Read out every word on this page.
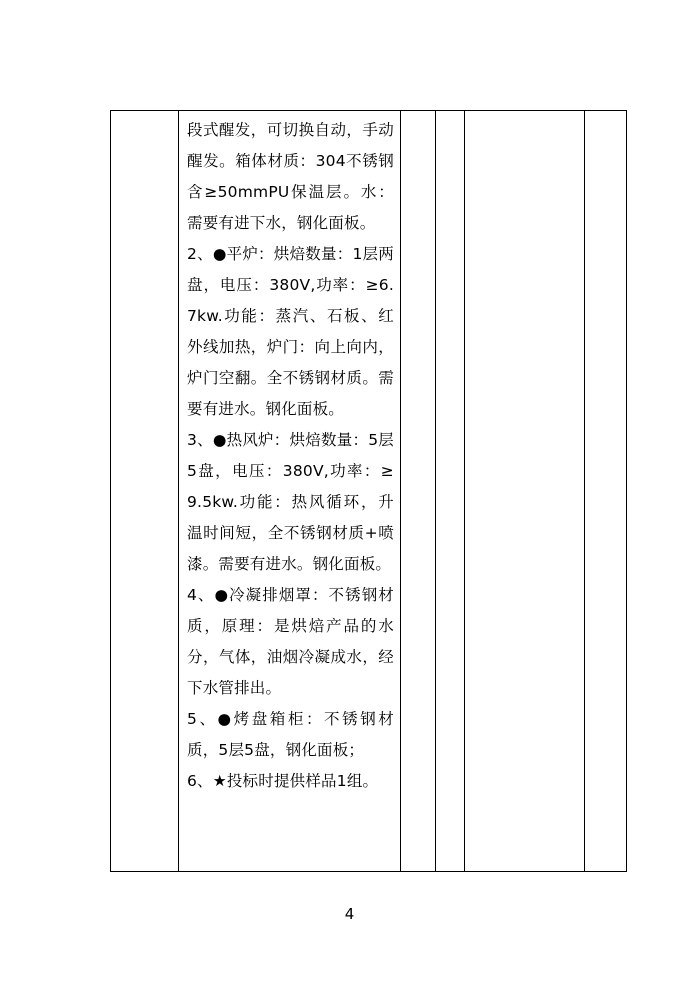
段式醒发，可切换自动，手动醒发。箱体材质：304不锈钢含≥50mmPU保温层。水：需要有进下水，钢化面板。

2、●平炉：烘焙数量：1层两盘，电压：380V,功率：≥6.7kw.功能：蒸汽、石板、红外线加热，炉门：向上向内，炉门空翻。全不锈钢材质。需要有进水。钢化面板。

3、●热风炉：烘焙数量：5层5盘，电压：380V,功率：≥9.5kw.功能：热风循环，升温时间短，全不锈钢材质+喷漆。需要有进水。钢化面板。

4、●冷凝排烟罩：不锈钢材质，原理：是烘焙产品的水分，气体，油烟冷凝成水，经下水管排出。

5、●烤盘箱柜：不锈钢材质，5层5盘，钢化面板；

6、★投标时提供样品1组。

4
